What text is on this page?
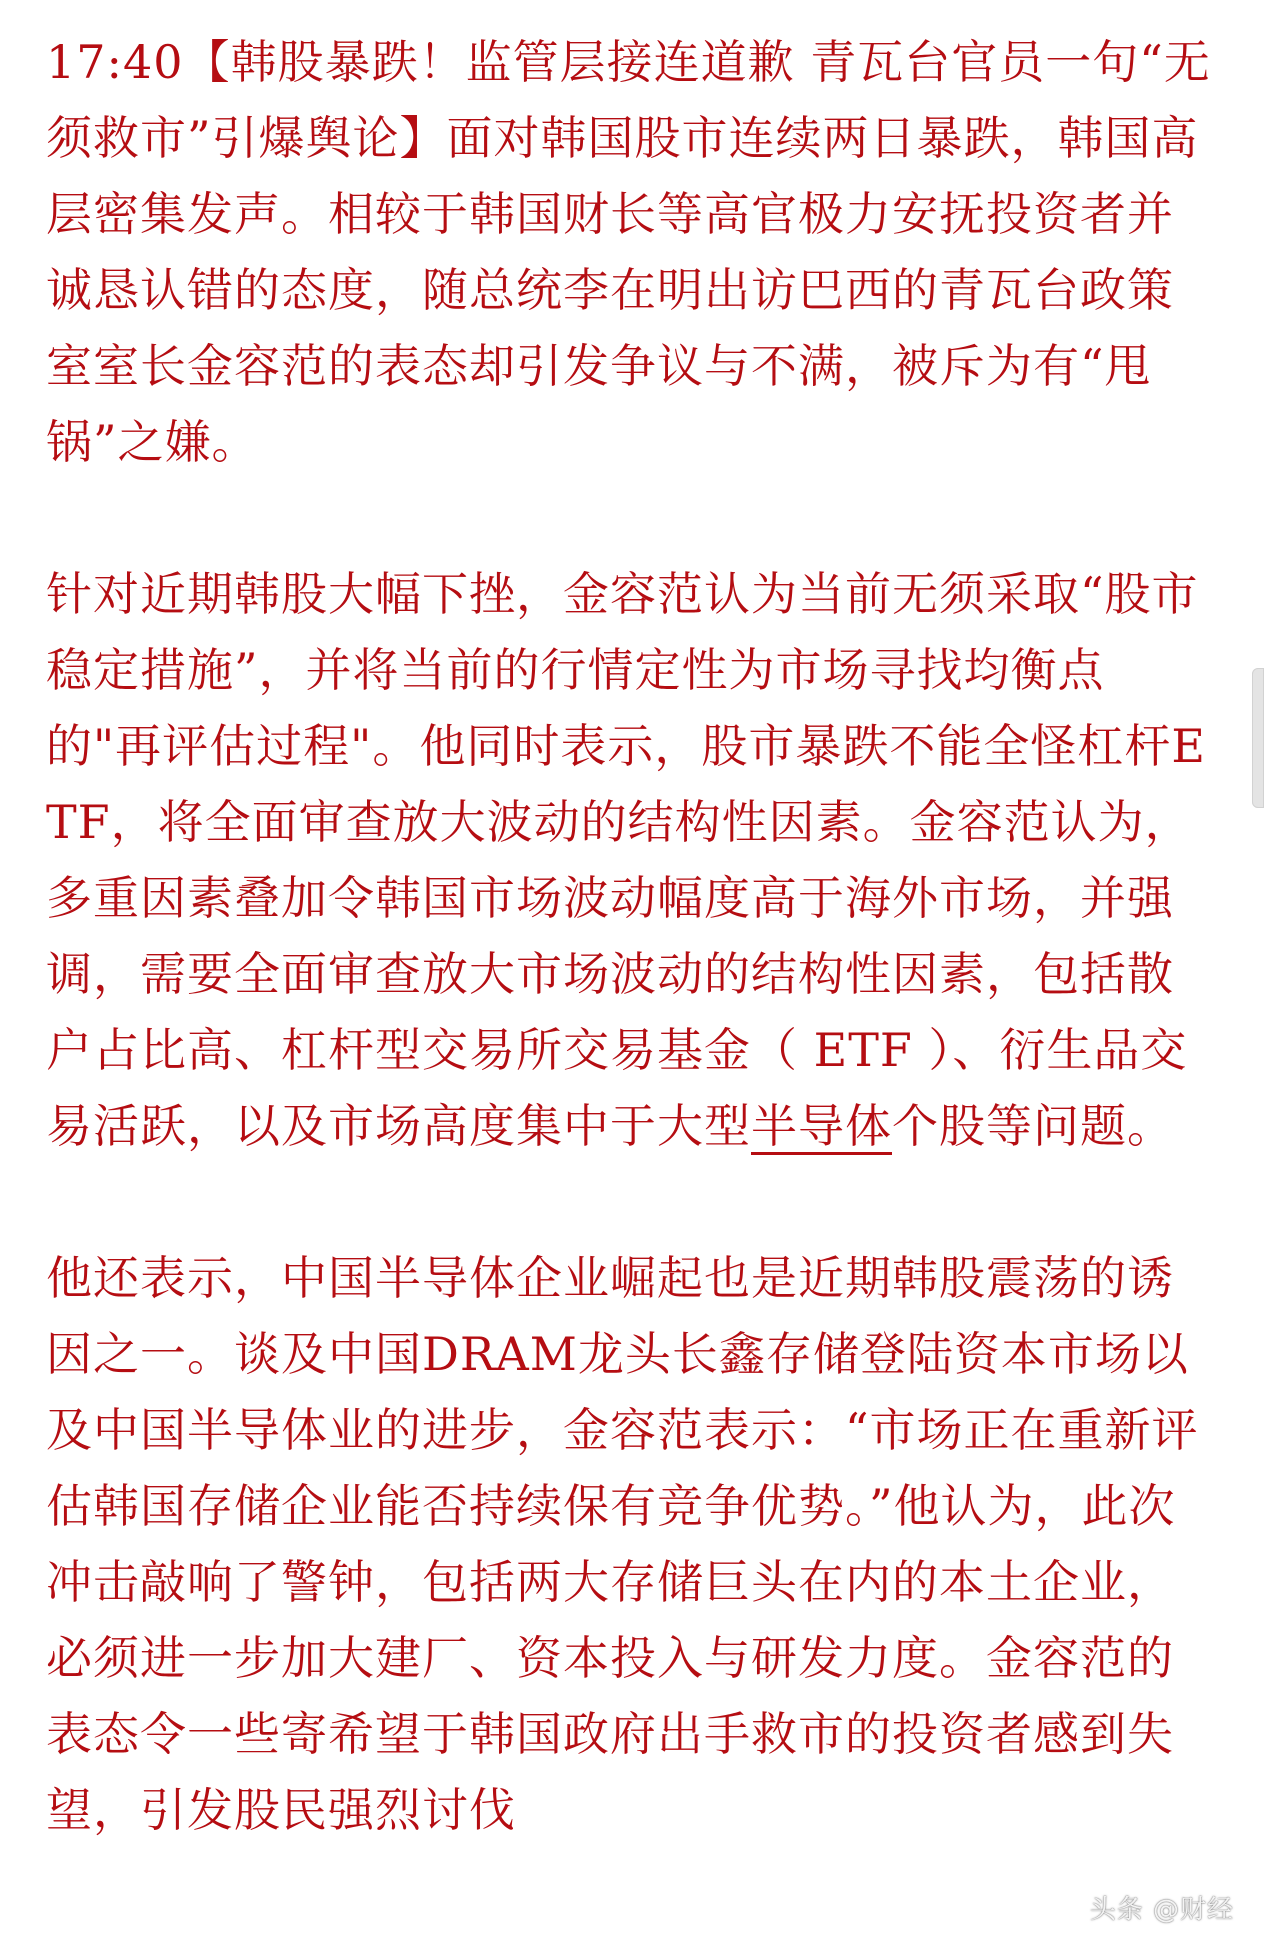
17:40【韩股暴跌！监管层接连道歉 青瓦台官员一句“无须救市”引爆舆论】面对韩国股市连续两日暴跌，韩国高层密集发声。相较于韩国财长等高官极力安抚投资者并诚恳认错的态度，随总统李在明出访巴西的青瓦台政策室室长金容范的表态却引发争议与不满，被斥为有“甩锅”之嫌。

针对近期韩股大幅下挫，金容范认为当前无须采取“股市稳定措施”，并将当前的行情定性为市场寻找均衡点的"再评估过程"。他同时表示，股市暴跌不能全怪杠杆ETF，将全面审查放大波动的结构性因素。金容范认为，多重因素叠加令韩国市场波动幅度高于海外市场，并强调，需要全面审查放大市场波动的结构性因素，包括散户占比高、杠杆型交易所交易基金（ ETF ）、衍生品交易活跃，以及市场高度集中于大型半导体个股等问题。

他还表示，中国半导体企业崛起也是近期韩股震荡的诱因之一。谈及中国DRAM龙头长鑫存储登陆资本市场以及中国半导体业的进步，金容范表示：“市场正在重新评估韩国存储企业能否持续保有竞争优势。”他认为，此次冲击敲响了警钟，包括两大存储巨头在内的本土企业，必须进一步加大建厂、资本投入与研发力度。金容范的表态令一些寄希望于韩国政府出手救市的投资者感到失望，引发股民强烈讨伐

头条 @财经
